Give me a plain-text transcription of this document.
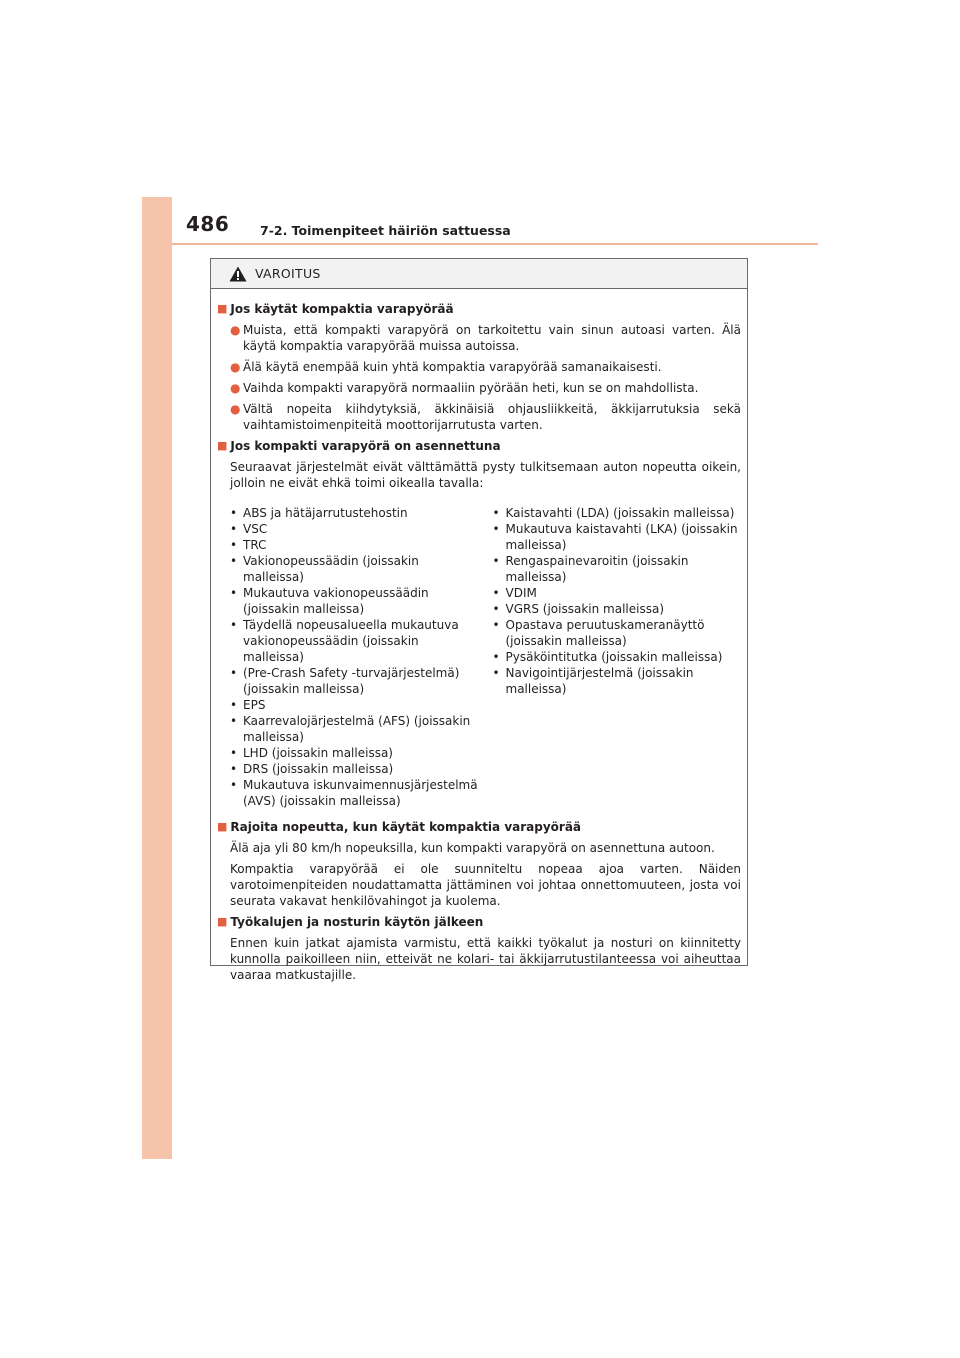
486 7-2. Toimenpiteet häiriön sattuessa
VAROITUS
■ Jos käytät kompaktia varapyörää
● Muista, että kompakti varapyörä on tarkoitettu vain sinun autoasi varten. Älä käytä kompaktia varapyörää muissa autoissa.
● Älä käytä enempää kuin yhtä kompaktia varapyörää samanaikaisesti.
● Vaihda kompakti varapyörä normaaliin pyörään heti, kun se on mahdollista.
● Vältä nopeita kiihdytyksiä, äkkinäisiä ohjausliikkeitä, äkkijarrutuksia sekä vaihtamistoimenpiteitä moottorijarrutusta varten.
■ Jos kompakti varapyörä on asennettuna
Seuraavat järjestelmät eivät välttämättä pysty tulkitsemaan auton nopeutta oikein, jolloin ne eivät ehkä toimi oikealla tavalla:
• ABS ja hätäjarrutustehostin
• VSC
• TRC
• Vakionopeussäädin (joissakin malleissa)
• Mukautuva vakionopeussäädin (joissakin malleissa)
• Täydellä nopeusalueella mukautuva vakionopeussäädin (joissakin malleissa)
• (Pre-Crash Safety -turvajärjestelmä) (joissakin malleissa)
• EPS
• Kaarrevalojärjestelmä (AFS) (joissakin malleissa)
• LHD (joissakin malleissa)
• DRS (joissakin malleissa)
• Mukautuva iskunvaimennusjärjestelmä (AVS) (joissakin malleissa)
• Kaistavahti (LDA) (joissakin malleissa)
• Mukautuva kaistavahti (LKA) (joissakin malleissa)
• Rengaspainevaroitin (joissakin malleissa)
• VDIM
• VGRS (joissakin malleissa)
• Opastava peruutuskameranäyttö (joissakin malleissa)
• Pysäköintitutka (joissakin malleissa)
• Navigointijärjestelmä (joissakin malleissa)
■ Rajoita nopeutta, kun käytät kompaktia varapyörää
Älä aja yli 80 km/h nopeuksilla, kun kompakti varapyörä on asennettuna autoon.
Kompaktia varapyörää ei ole suunniteltu nopeaa ajoa varten. Näiden varotoimenpiteiden noudattamatta jättäminen voi johtaa onnettomuuteen, josta voi seurata vakavat henkilövahingot ja kuolema.
■ Työkalujen ja nosturin käytön jälkeen
Ennen kuin jatkat ajamista varmistu, että kaikki työkalut ja nosturi on kiinnitetty kunnolla paikoilleen niin, etteivät ne kolari- tai äkkijarrutustilanteessa voi aiheuttaa vaaraa matkustajille.
